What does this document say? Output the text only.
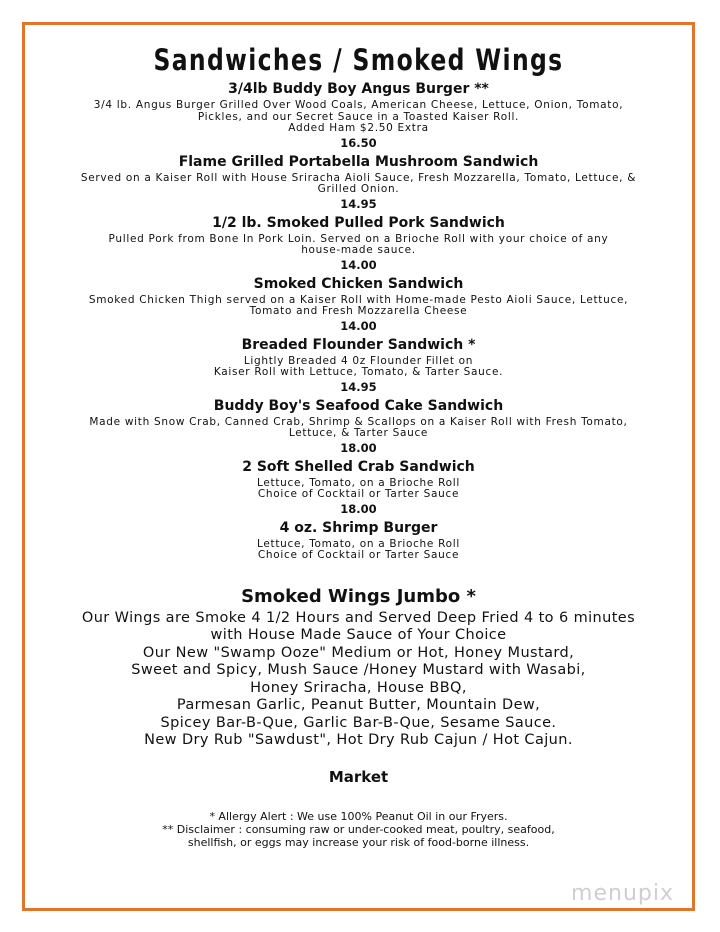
Sandwiches / Smoked Wings
3/4lb Buddy Boy Angus Burger **
3/4 lb. Angus Burger Grilled Over Wood Coals, American Cheese, Lettuce, Onion, Tomato,
Pickles, and our Secret Sauce in a Toasted Kaiser Roll.
Added Ham $2.50 Extra
16.50
Flame Grilled Portabella Mushroom Sandwich
Served on a Kaiser Roll with House Sriracha Aioli Sauce, Fresh Mozzarella, Tomato, Lettuce, &
Grilled Onion.
14.95
1/2 lb. Smoked Pulled Pork Sandwich
Pulled Pork from Bone In Pork Loin. Served on a Brioche Roll with your choice of any
house-made sauce.
14.00
Smoked Chicken Sandwich
Smoked Chicken Thigh served on a Kaiser Roll with Home-made Pesto Aioli Sauce, Lettuce,
Tomato and Fresh Mozzarella Cheese
14.00
Breaded Flounder Sandwich *
Lightly Breaded 4 0z Flounder Fillet on
Kaiser Roll with Lettuce, Tomato, & Tarter Sauce.
14.95
Buddy Boy's Seafood Cake Sandwich
Made with Snow Crab, Canned Crab, Shrimp & Scallops on a Kaiser Roll with Fresh Tomato,
Lettuce, & Tarter Sauce
18.00
2 Soft Shelled Crab Sandwich
Lettuce, Tomato, on a Brioche Roll
Choice of Cocktail or Tarter Sauce
18.00
4 oz. Shrimp Burger
Lettuce, Tomato, on a Brioche Roll
Choice of Cocktail or Tarter Sauce
Smoked Wings Jumbo *
Our Wings are Smoke 4 1/2 Hours and Served Deep Fried 4 to 6 minutes
with House Made Sauce of Your Choice
Our New "Swamp Ooze" Medium or Hot, Honey Mustard,
Sweet and Spicy, Mush Sauce /Honey Mustard with Wasabi,
Honey Sriracha, House BBQ,
Parmesan Garlic, Peanut Butter, Mountain Dew,
Spicey Bar-B-Que, Garlic Bar-B-Que, Sesame Sauce.
New Dry Rub "Sawdust", Hot Dry Rub Cajun / Hot Cajun.
Market
* Allergy Alert : We use 100% Peanut Oil in our Fryers.
** Disclaimer : consuming raw or under-cooked meat, poultry, seafood,
shellfish, or eggs may increase your risk of food-borne illness.
menupix
